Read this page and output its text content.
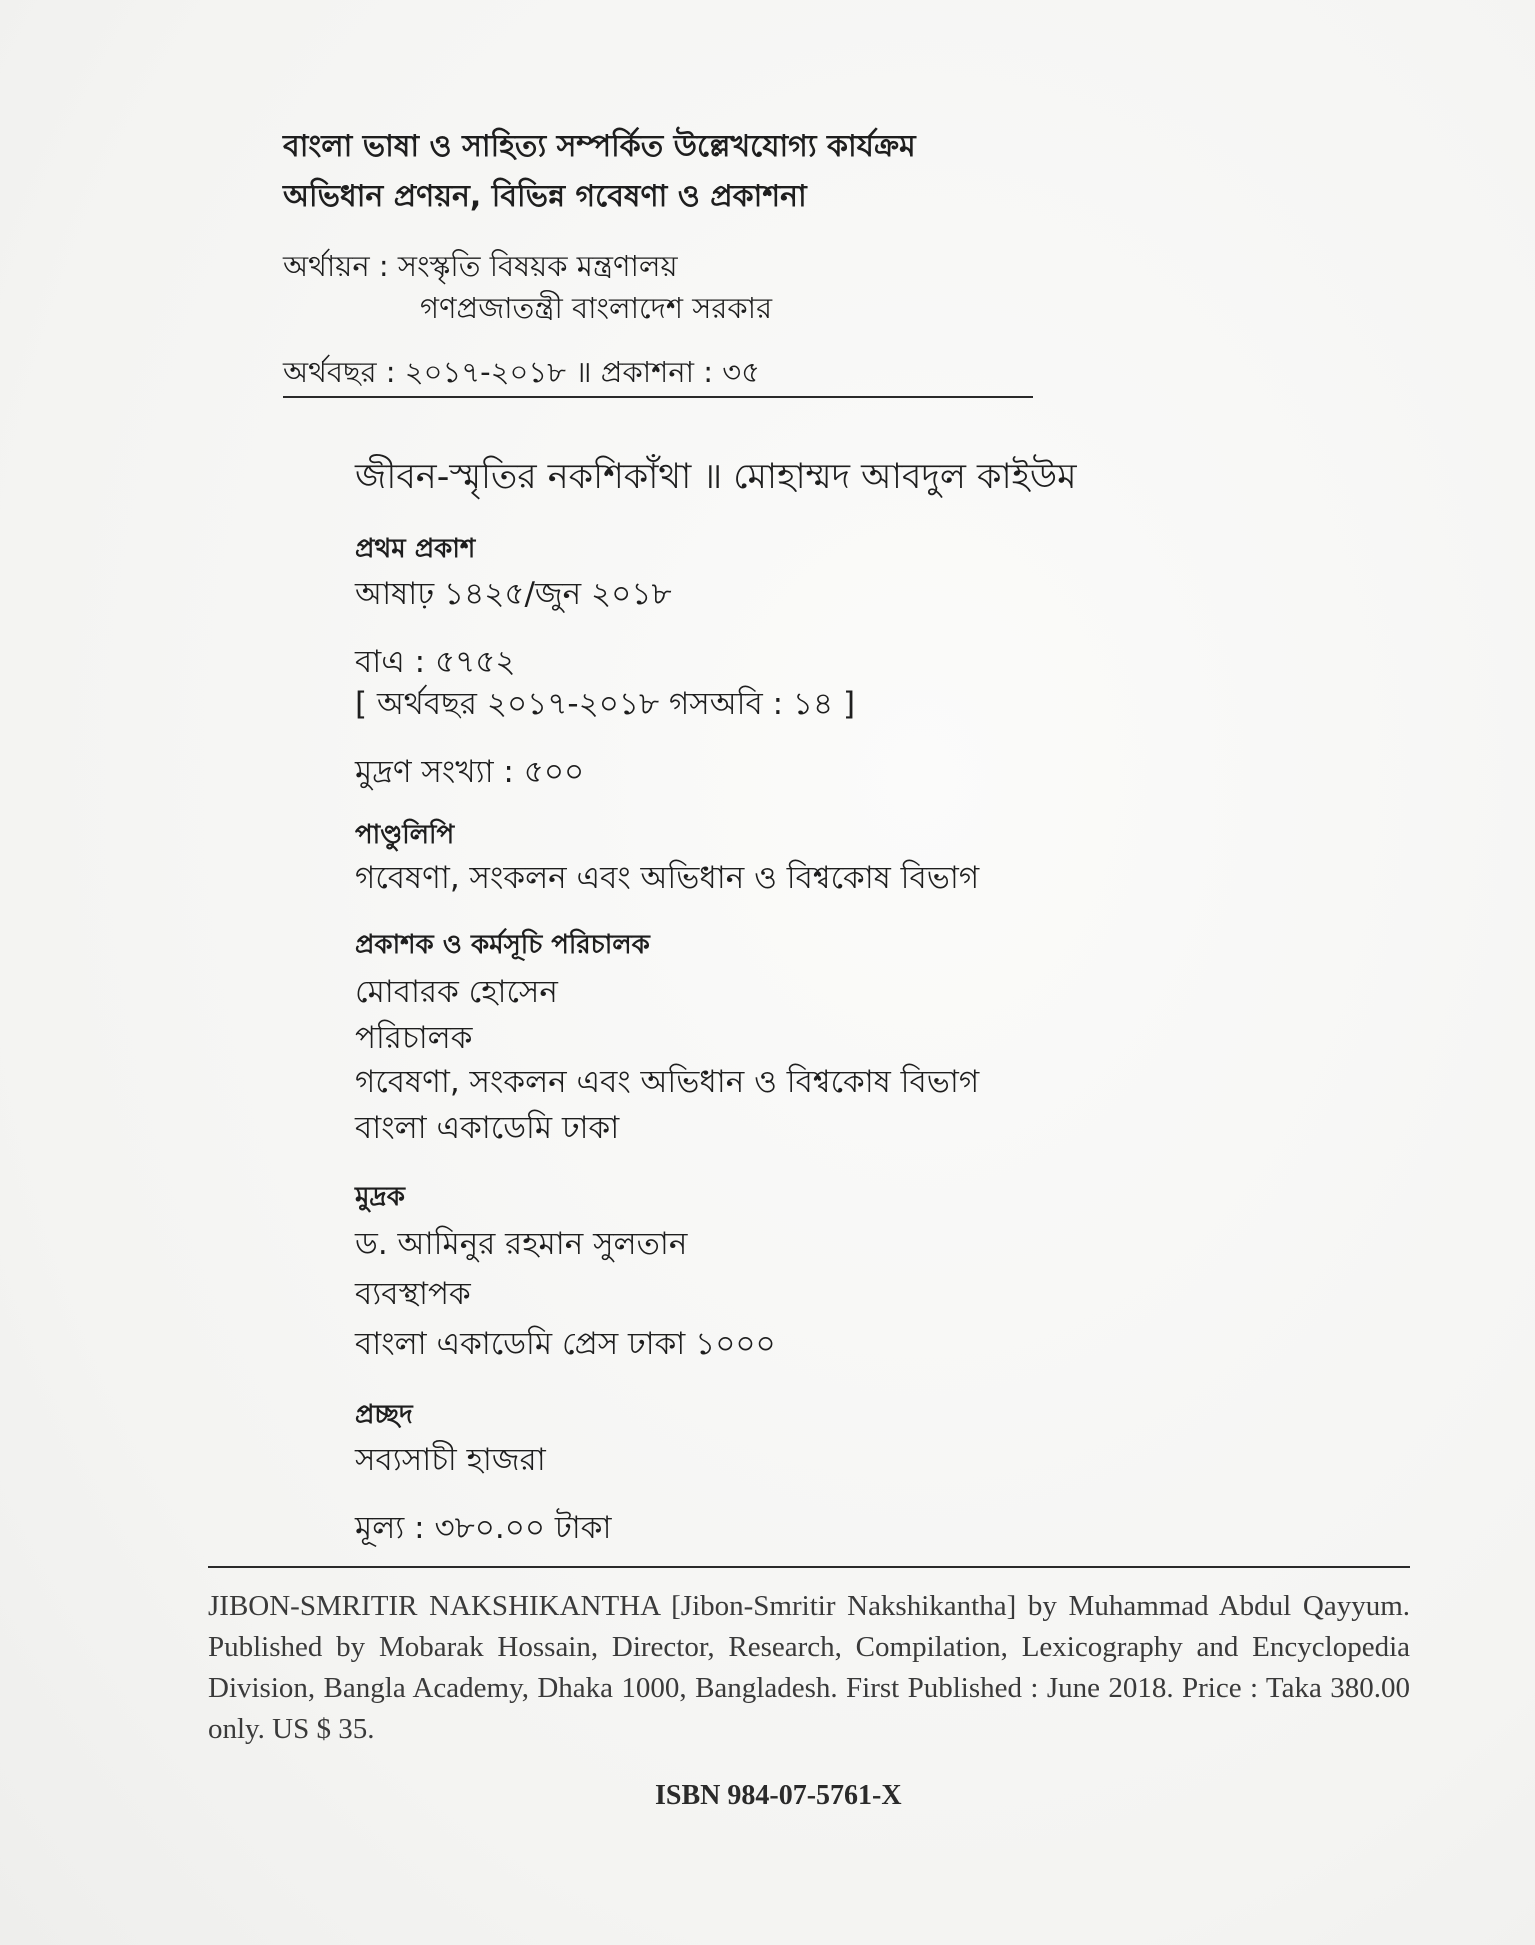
বাংলা ভাষা ও সাহিত্য সম্পর্কিত উল্লেখযোগ্য কার্যক্রম
অভিধান প্রণয়ন, বিভিন্ন গবেষণা ও প্রকাশনা
অর্থায়ন : সংস্কৃতি বিষয়ক মন্ত্রণালয়
গণপ্রজাতন্ত্রী বাংলাদেশ সরকার
অর্থবছর : ২০১৭-২০১৮ ॥ প্রকাশনা : ৩৫
জীবন-স্মৃতির নকশিকাঁথা ॥ মোহাম্মদ আবদুল কাইউম
প্রথম প্রকাশ
আষাঢ় ১৪২৫/জুন ২০১৮
বাএ : ৫৭৫২
[ অর্থবছর ২০১৭-২০১৮ গসঅবি : ১৪ ]
মুদ্রণ সংখ্যা : ৫০০
পাণ্ডুলিপি
গবেষণা, সংকলন এবং অভিধান ও বিশ্বকোষ বিভাগ
প্রকাশক ও কর্মসূচি পরিচালক
মোবারক হোসেন
পরিচালক
গবেষণা, সংকলন এবং অভিধান ও বিশ্বকোষ বিভাগ
বাংলা একাডেমি ঢাকা
মুদ্রক
ড. আমিনুর রহমান সুলতান
ব্যবস্থাপক
বাংলা একাডেমি প্রেস ঢাকা ১০০০
প্রচ্ছদ
সব্যসাচী হাজরা
মূল্য : ৩৮০.০০ টাকা
JIBON-SMRITIR NAKSHIKANTHA [Jibon-Smritir Nakshikantha] by Muhammad Abdul Qayyum. Published by Mobarak Hossain, Director, Research, Compilation, Lexicography and Encyclopedia Division, Bangla Academy, Dhaka 1000, Bangladesh. First Published : June 2018. Price : Taka 380.00 only. US $ 35.
ISBN 984-07-5761-X
